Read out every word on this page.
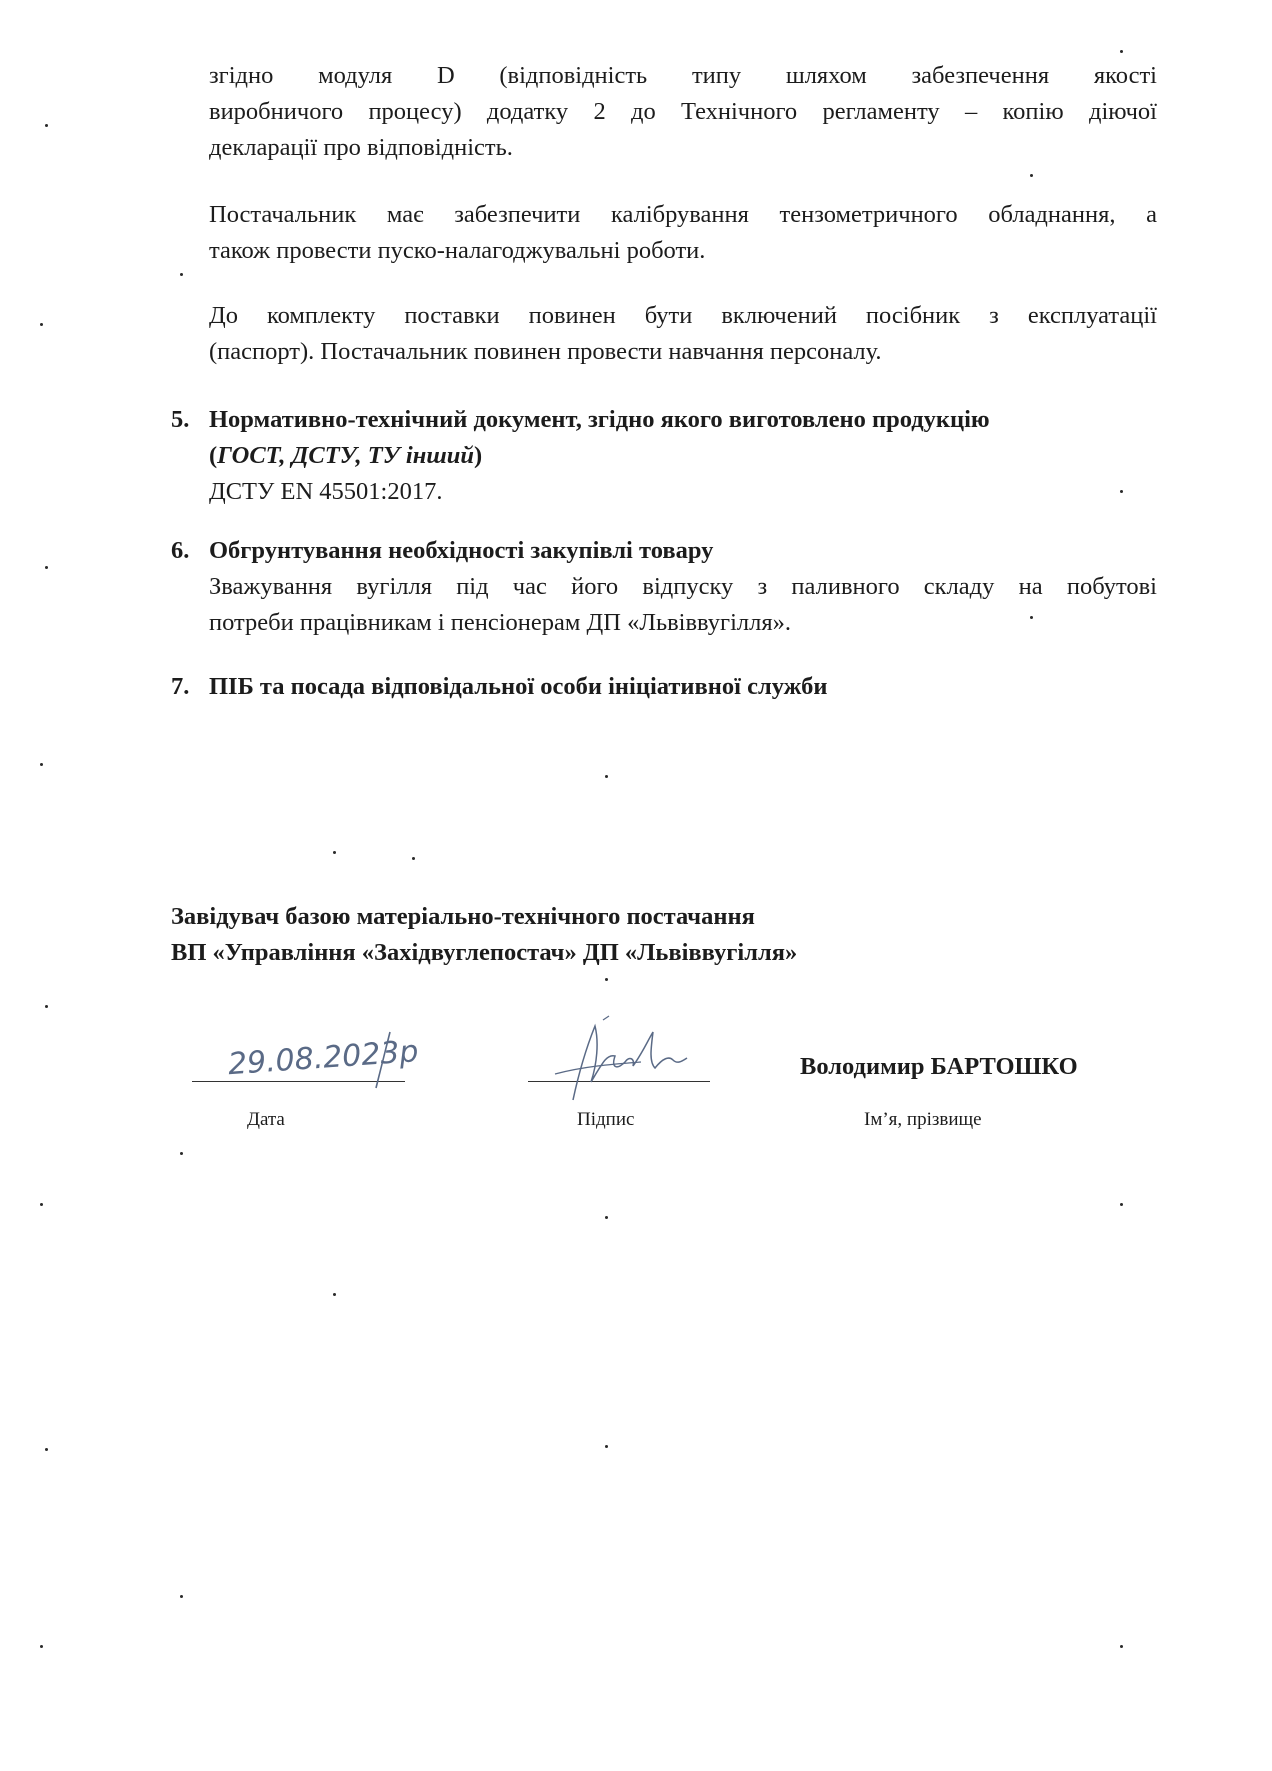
згідно модуля D (відповідність типу шляхом забезпечення якості
виробничого процесу) додатку 2 до Технічного регламенту – копію діючої
декларації про відповідність.
Постачальник має забезпечити калібрування тензометричного обладнання, а
також провести пуско-налагоджувальні роботи.
До комплекту поставки повинен бути включений посібник з експлуатації
(паспорт). Постачальник повинен провести навчання персоналу.
5. Нормативно-технічний документ, згідно якого виготовлено продукцію
(ГОСТ, ДСТУ, ТУ інший)
ДСТУ EN 45501:2017.
6. Обгрунтування необхідності закупівлі товару
Зважування вугілля під час його відпуску з паливного складу на побутові
потреби працівникам і пенсіонерам ДП «Львіввугілля».
7. ПІБ та посада відповідальної особи ініціативної служби
Завідувач базою матеріально-технічного постачання
ВП «Управління «Західвуглепостач» ДП «Львіввугілля»
29.08.2023р
Дата	Підпис
Володимир БАРТОШКО
Ім’я, прізвище
